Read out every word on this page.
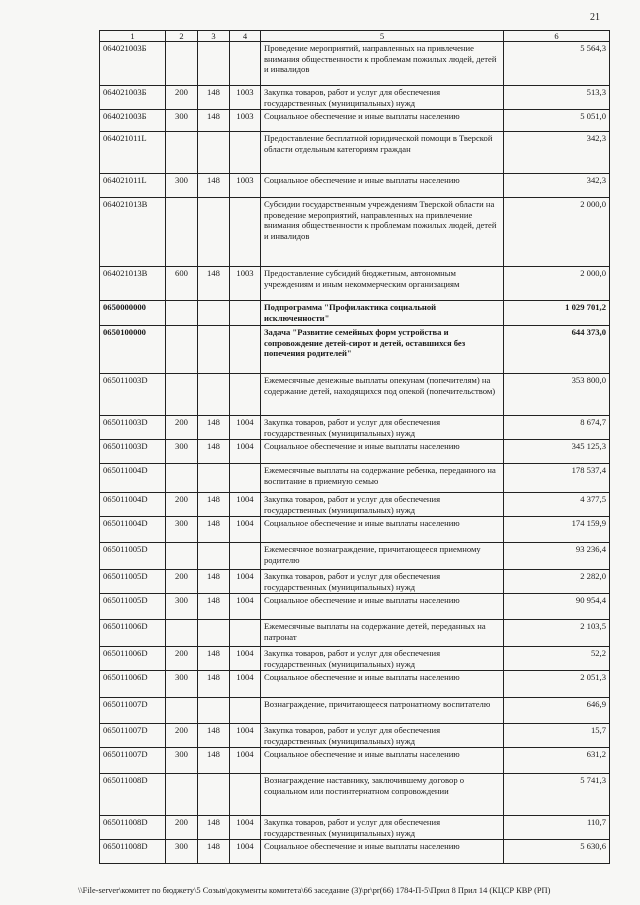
21
1	2	3	4	5	6
064021003Б				Проведение мероприятий, направленных на привлечение внимания общественности к проблемам пожилых людей, детей и инвалидов	5 564,3
064021003Б	200	148	1003	Закупка товаров, работ и услуг для обеспечения государственных (муниципальных) нужд	513,3
064021003Б	300	148	1003	Социальное обеспечение и иные выплаты населению	5 051,0
064021011L				Предоставление бесплатной юридической помощи в Тверской области отдельным категориям граждан	342,3
064021011L	300	148	1003	Социальное обеспечение и иные выплаты населению	342,3
064021013В				Субсидии государственным учреждениям Тверской области на проведение мероприятий, направленных на привлечение внимания общественности к проблемам пожилых людей, детей и инвалидов	2 000,0
064021013В	600	148	1003	Предоставление субсидий бюджетным, автономным учреждениям и иным некоммерческим организациям	2 000,0
0650000000				Подпрограмма "Профилактика социальной исключенности"	1 029 701,2
0650100000				Задача "Развитие семейных форм устройства и сопровождение детей-сирот и детей, оставшихся без попечения родителей"	644 373,0
065011003D				Ежемесячные денежные выплаты опекунам (попечителям) на содержание детей, находящихся под опекой (попечительством)	353 800,0
065011003D	200	148	1004	Закупка товаров, работ и услуг для обеспечения государственных (муниципальных) нужд	8 674,7
065011003D	300	148	1004	Социальное обеспечение и иные выплаты населению	345 125,3
065011004D				Ежемесячные выплаты на содержание ребенка, переданного на воспитание в приемную семью	178 537,4
065011004D	200	148	1004	Закупка товаров, работ и услуг для обеспечения государственных (муниципальных) нужд	4 377,5
065011004D	300	148	1004	Социальное обеспечение и иные выплаты населению	174 159,9
065011005D				Ежемесячное вознаграждение, причитающееся приемному родителю	93 236,4
065011005D	200	148	1004	Закупка товаров, работ и услуг для обеспечения государственных (муниципальных) нужд	2 282,0
065011005D	300	148	1004	Социальное обеспечение и иные выплаты населению	90 954,4
065011006D				Ежемесячные выплаты на содержание детей, переданных на патронат	2 103,5
065011006D	200	148	1004	Закупка товаров, работ и услуг для обеспечения государственных (муниципальных) нужд	52,2
065011006D	300	148	1004	Социальное обеспечение и иные выплаты населению	2 051,3
065011007D				Вознаграждение, причитающееся патронатному воспитателю	646,9
065011007D	200	148	1004	Закупка товаров, работ и услуг для обеспечения государственных (муниципальных) нужд	15,7
065011007D	300	148	1004	Социальное обеспечение и иные выплаты населению	631,2
065011008D				Вознаграждение наставнику, заключившему договор о социальном или постинтернатном сопровождении	5 741,3
065011008D	200	148	1004	Закупка товаров, работ и услуг для обеспечения государственных (муниципальных) нужд	110,7
065011008D	300	148	1004	Социальное обеспечение и иные выплаты населению	5 630,6
\\File-server\комитет по бюджету\5 Созыв\документы комитета\66 заседание (3)\рr\рr(66) 1784-П-5\Прил 8 Прил 14 (КЦСР КВР (РП)
